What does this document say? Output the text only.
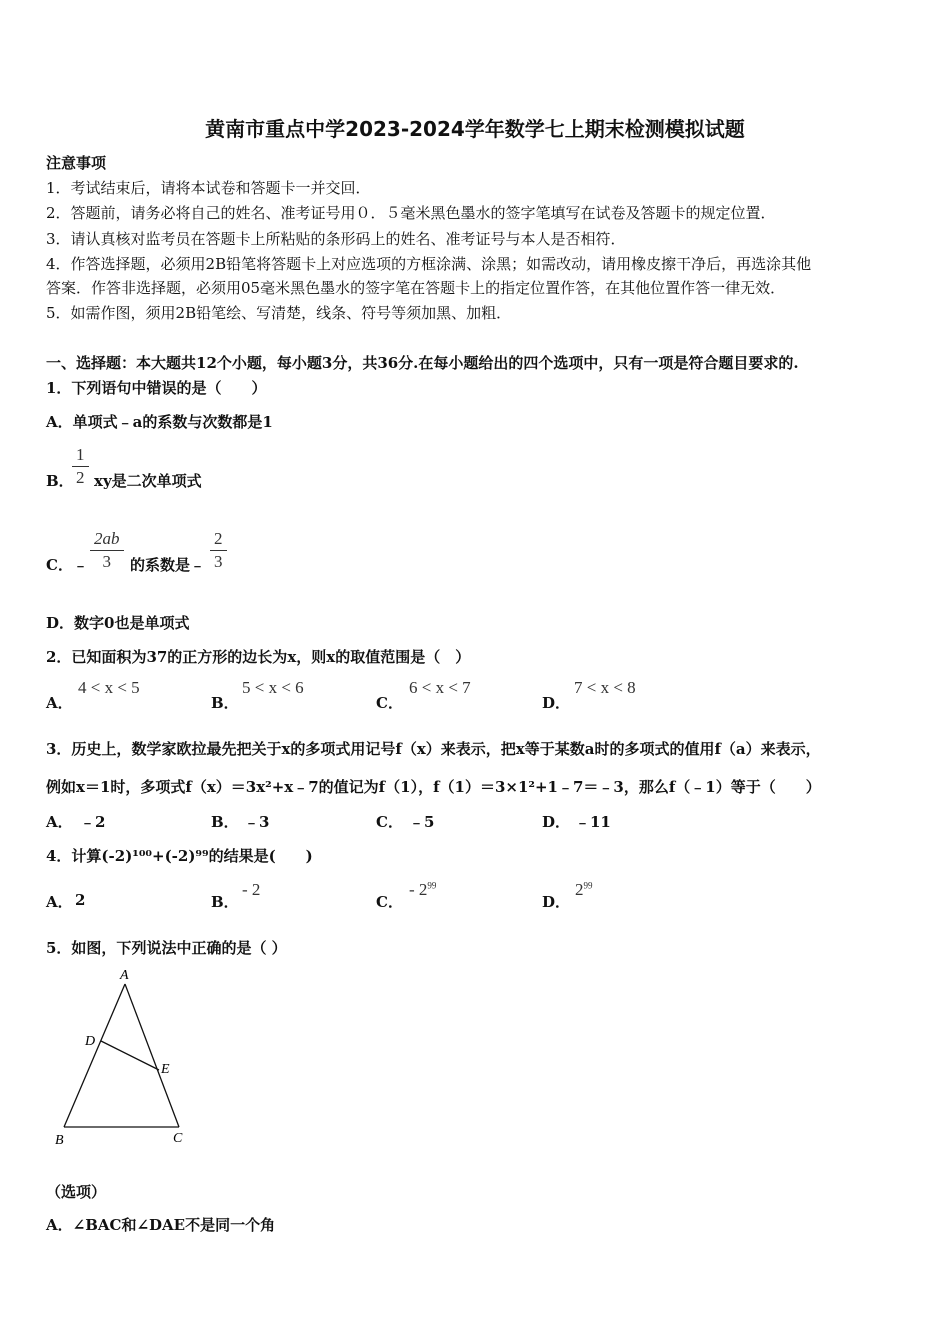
黄南市重点中学2023-2024学年数学七上期末检测模拟试题
注意事项
1．考试结束后，请将本试卷和答题卡一并交回．
2．答题前，请务必将自己的姓名、准考证号用０．５毫米黑色墨水的签字笔填写在试卷及答题卡的规定位置．
3．请认真核对监考员在答题卡上所粘贴的条形码上的姓名、准考证号与本人是否相符．
4．作答选择题，必须用2B铅笔将答题卡上对应选项的方框涂满、涂黑；如需改动，请用橡皮擦干净后，再选涂其他
答案．作答非选择题，必须用05毫米黑色墨水的签字笔在答题卡上的指定位置作答，在其他位置作答一律无效．
5．如需作图，须用2B铅笔绘、写清楚，线条、符号等须加黑、加粗．
一、选择题：本大题共12个小题，每小题3分，共36分.在每小题给出的四个选项中，只有一项是符合题目要求的.
1．下列语句中错误的是（　　）
A．单项式﹣a的系数与次数都是1
B．
$\frac{1}{2}$ xy是二次单项式
C．﹣ $\frac{2ab}{3}$ 的系数是﹣ $\frac{2}{3}$
D．数字0也是单项式
2．已知面积为37的正方形的边长为x，则x的取值范围是（　）
A．
4 < x < 5
B．
5 < x < 6
C．
6 < x < 7
D．
7 < x < 8
3．历史上，数学家欧拉最先把关于x的多项式用记号f（x）来表示，把x等于某数a时的多项式的值用f（a）来表示，
例如x＝1时，多项式f（x）＝3x²+x﹣7的值记为f（1），f（1）＝3×1²+1﹣7＝﹣3，那么f（﹣1）等于（　　）
A． ﹣2	B． ﹣3	C． ﹣5	D． ﹣11
4．计算(-2)¹⁰⁰+(-2)⁹⁹的结果是(　　)
A． 2	B．
- 2
C．
- $2^{99}$
D．
$2^{99}$
5．如图，下列说法中正确的是（ ）
A
D
E
B	C
（选项）
A．∠BAC和∠DAE不是同一个角
